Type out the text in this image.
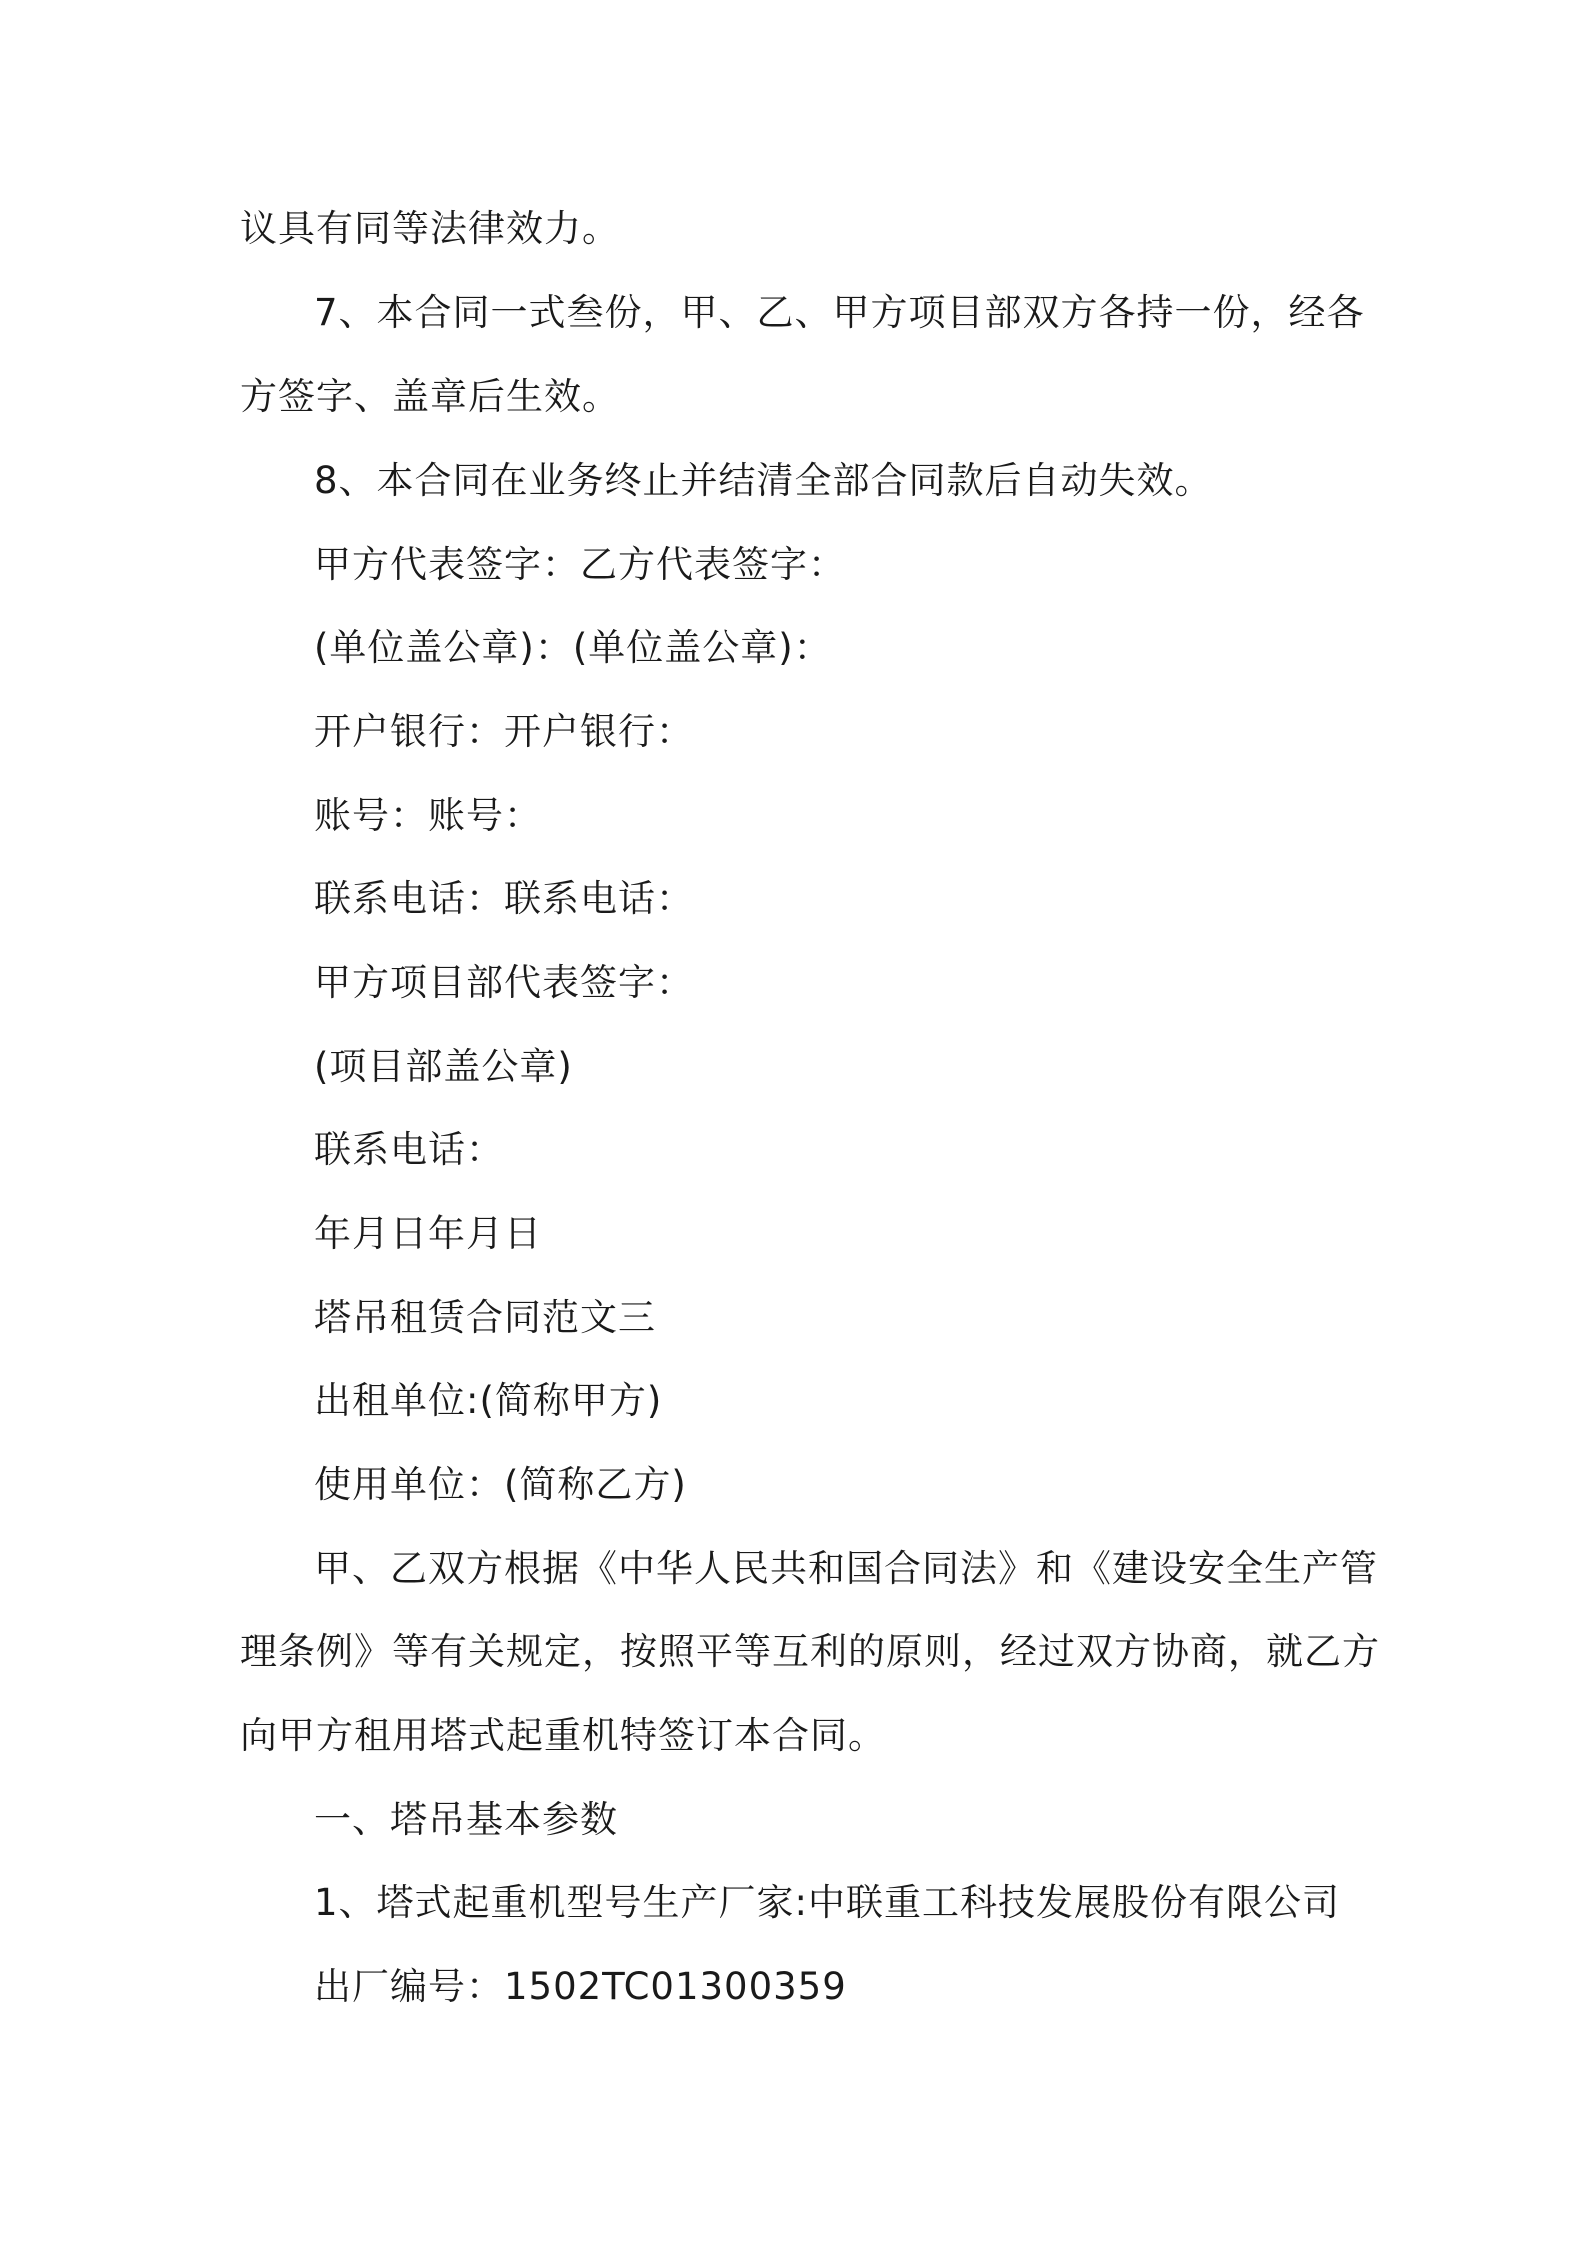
议具有同等法律效力。
7、本合同一式叁份，甲、乙、甲方项目部双方各持一份，经各
方签字、盖章后生效。
8、本合同在业务终止并结清全部合同款后自动失效。
甲方代表签字：乙方代表签字：
(单位盖公章)：(单位盖公章)：
开户银行：开户银行：
账号：账号：
联系电话：联系电话：
甲方项目部代表签字：
(项目部盖公章)
联系电话：
年月日年月日
塔吊租赁合同范文三
出租单位:(简称甲方)
使用单位：(简称乙方)
甲、乙双方根据《中华人民共和国合同法》和《建设安全生产管
理条例》等有关规定，按照平等互利的原则，经过双方协商，就乙方
向甲方租用塔式起重机特签订本合同。
一、塔吊基本参数
1、塔式起重机型号生产厂家:中联重工科技发展股份有限公司
出厂编号：1502TC01300359
